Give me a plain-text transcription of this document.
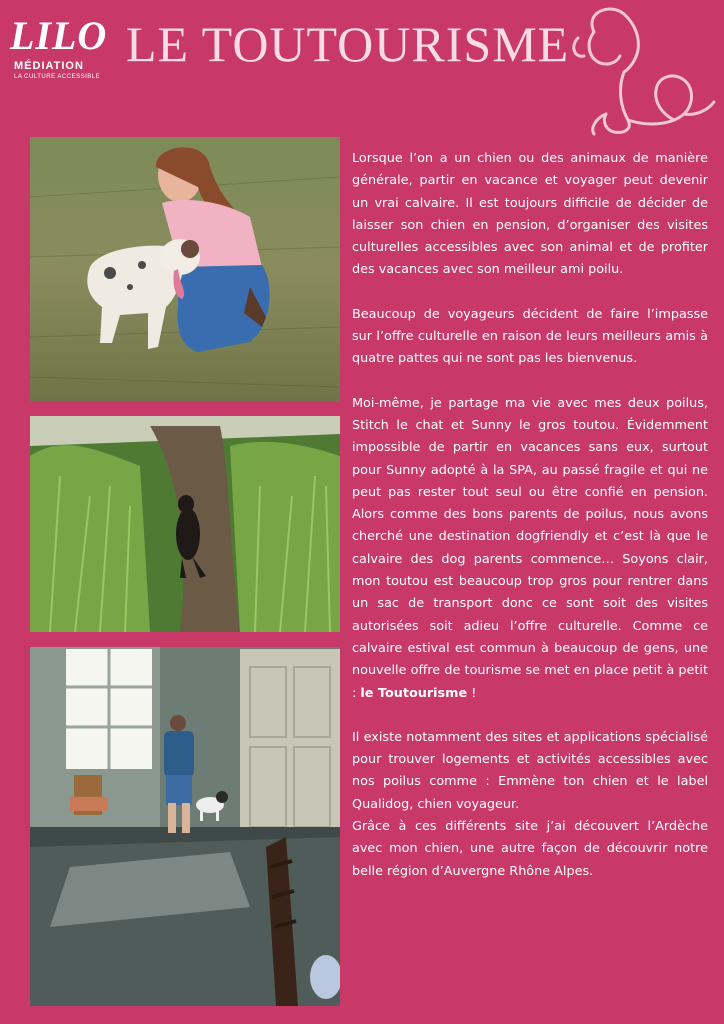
LILO
MÉDIATION
LA CULTURE ACCESSIBLE
LE TOUTOURISME

Lorsque l’on a un chien ou des animaux de manière générale, partir en vacance et voyager peut devenir un vrai calvaire. Il est toujours difficile de décider de laisser son chien en pension, d’organiser des visites culturelles accessibles avec son animal et de profiter des vacances avec son meilleur ami poilu.

Beaucoup de voyageurs décident de faire l’impasse sur l’offre culturelle en raison de leurs meilleurs amis à quatre pattes qui ne sont pas les bienvenus.

Moi-même, je partage ma vie avec mes deux poilus, Stitch le chat et Sunny le gros toutou. Évidemment impossible de partir en vacances sans eux, surtout pour Sunny adopté à la SPA, au passé fragile et qui ne peut pas rester tout seul ou être confié en pension. Alors comme des bons parents de poilus, nous avons cherché une destination dogfriendly et c’est là que le calvaire des dog parents commence… Soyons clair, mon toutou est beaucoup trop gros pour rentrer dans un sac de transport donc ce sont soit des visites autorisées soit adieu l’offre culturelle. Comme ce calvaire estival est commun à beaucoup de gens, une nouvelle offre de tourisme se met en place petit à petit : le Toutourisme !

Il existe notamment des sites et applications spécialisé pour trouver logements et activités accessibles avec nos poilus comme : Emmène ton chien et le label Qualidog, chien voyageur.

Grâce à ces différents site j’ai découvert l’Ardèche avec mon chien, une autre façon de découvrir notre belle région d’Auvergne Rhône Alpes.
